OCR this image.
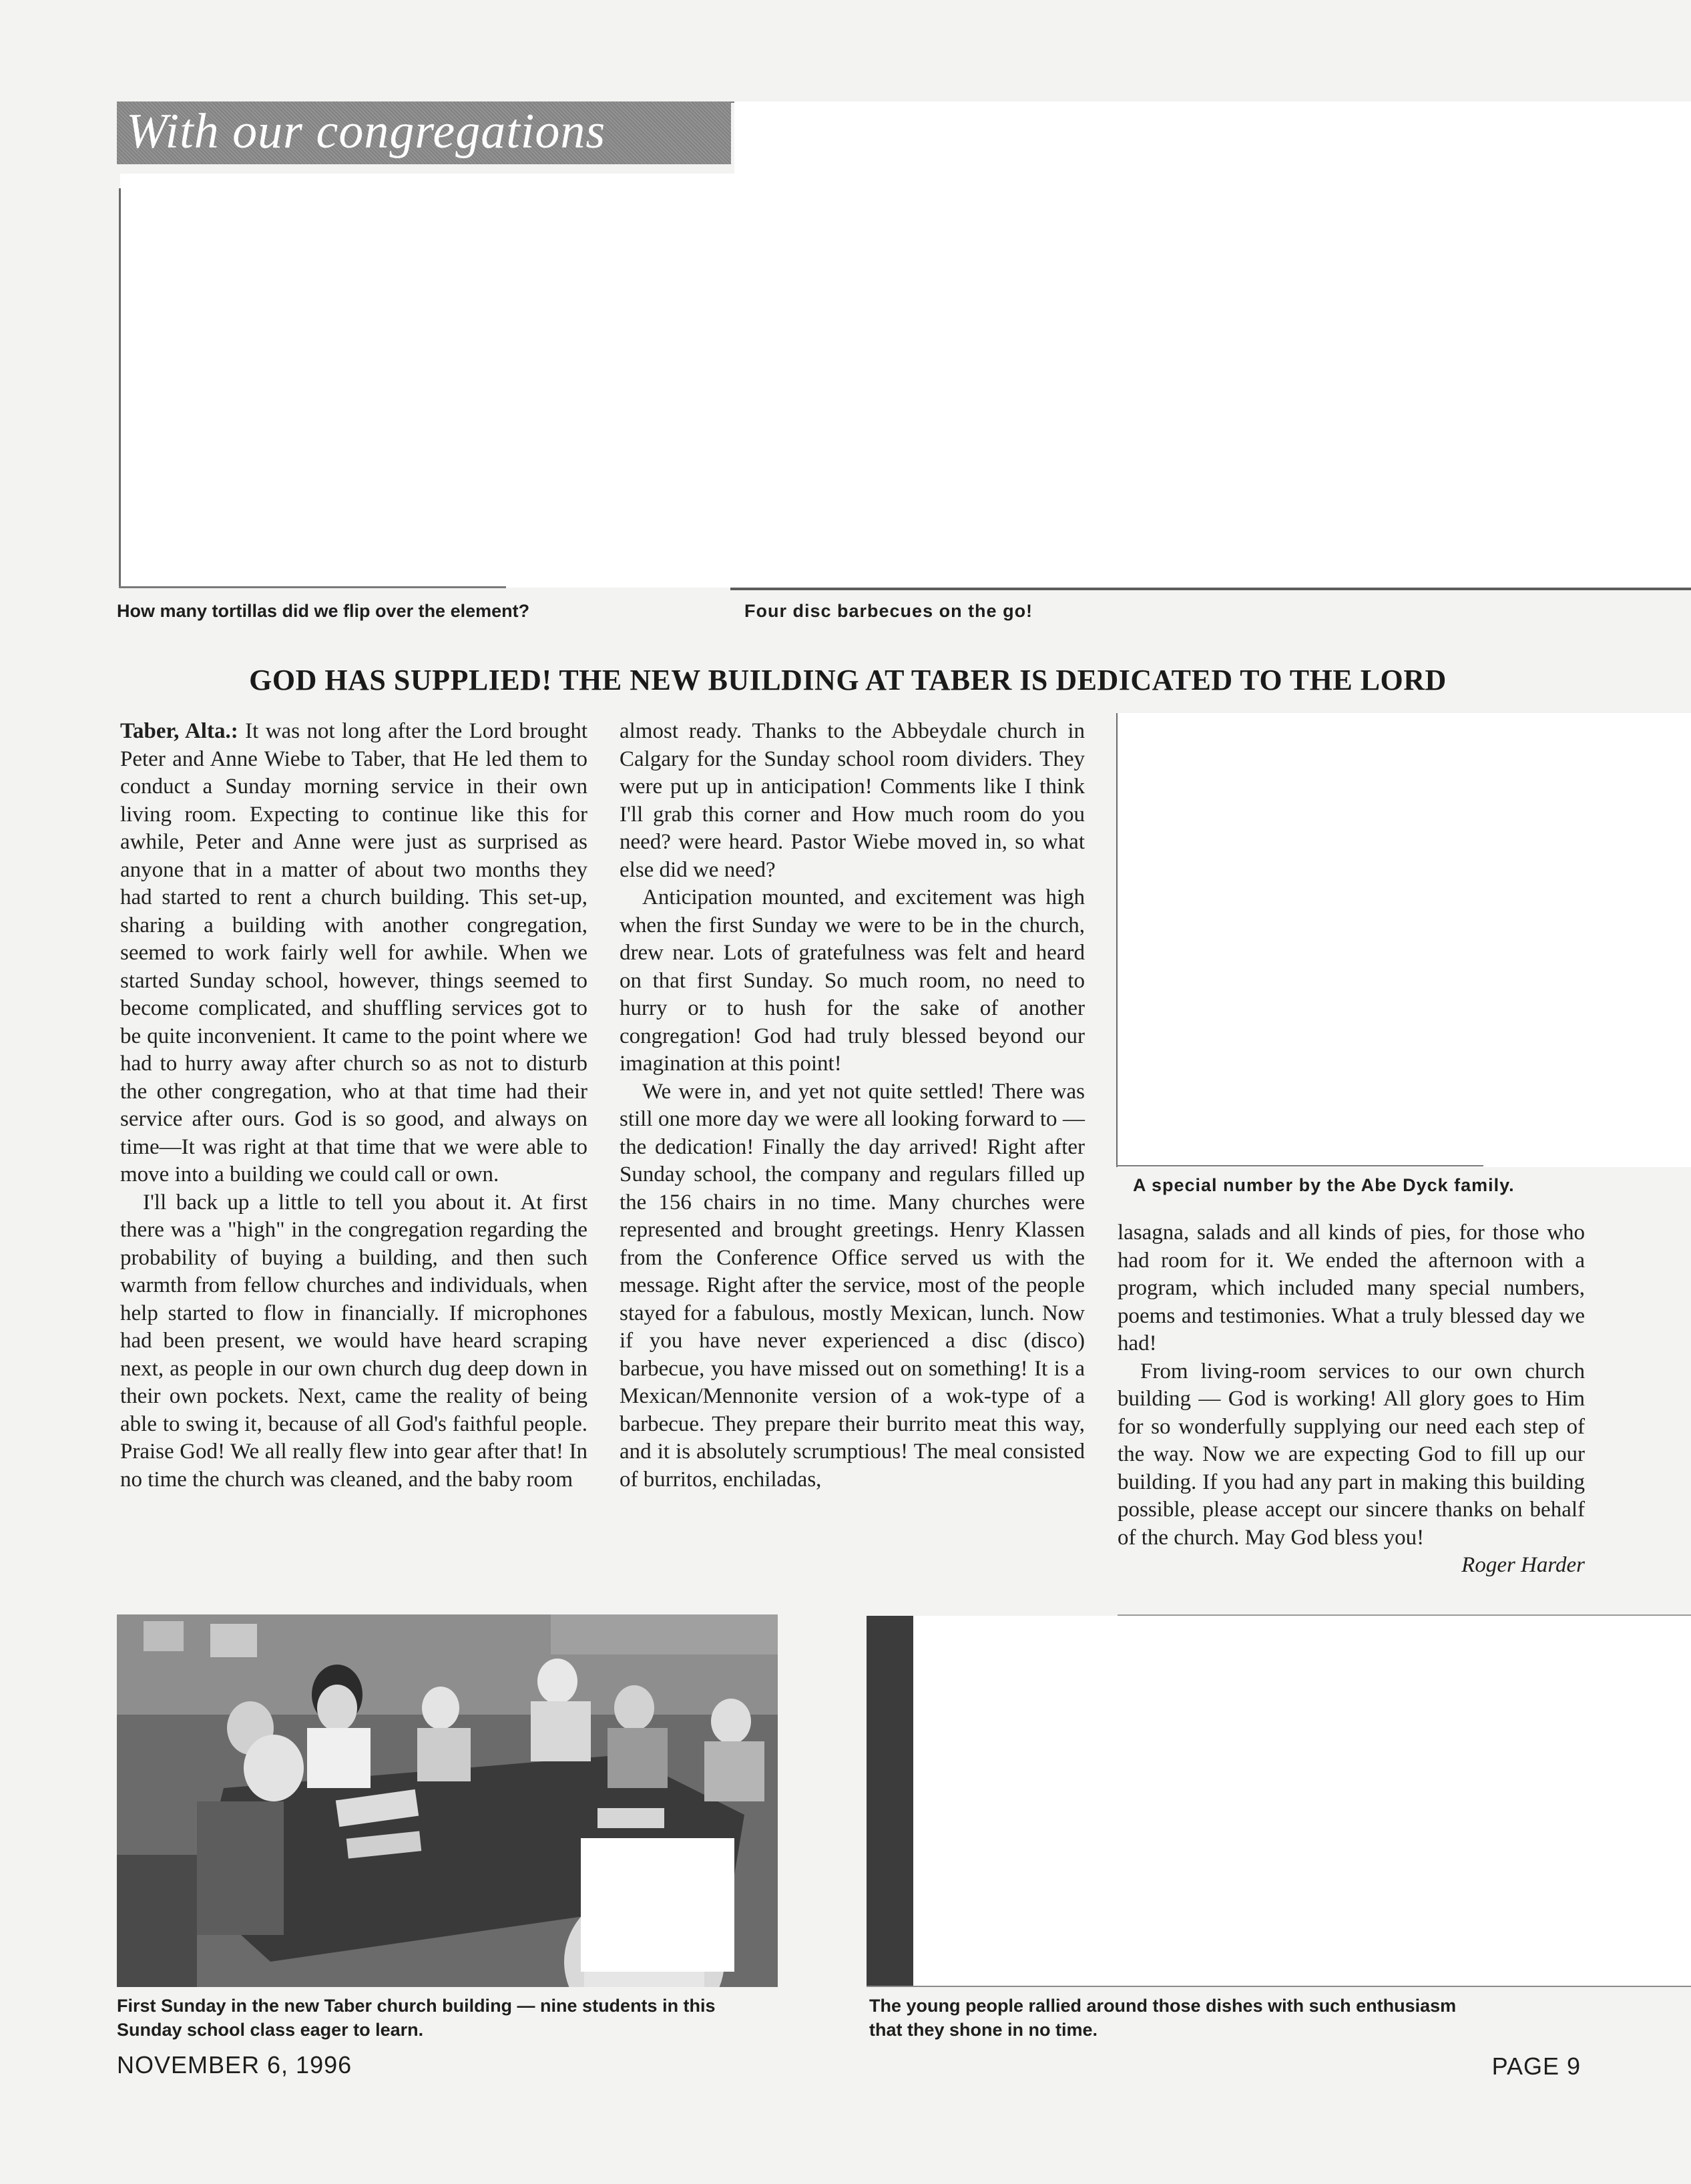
With our congregations
How many tortillas did we flip over the element?	Four disc barbecues on the go!
GOD HAS SUPPLIED! THE NEW BUILDING AT TABER IS DEDICATED TO THE LORD

Taber, Alta.: It was not long after the Lord brought Peter and Anne Wiebe to Taber, that He led them to conduct a Sunday morning service in their own living room. Expecting to continue like this for awhile, Peter and Anne were just as surprised as anyone that in a matter of about two months they had started to rent a church building. This set-up, sharing a building with another congregation, seemed to work fairly well for awhile. When we started Sunday school, however, things seemed to become complicated, and shuffling services got to be quite inconvenient. It came to the point where we had to hurry away after church so as not to disturb the other congregation, who at that time had their service after ours. God is so good, and always on time—It was right at that time that we were able to move into a building we could call or own.

I'll back up a little to tell you about it. At first there was a "high" in the congregation regarding the probability of buying a building, and then such warmth from fellow churches and individuals, when help started to flow in financially. If microphones had been present, we would have heard scraping next, as people in our own church dug deep down in their own pockets. Next, came the reality of being able to swing it, because of all God's faithful people. Praise God! We all really flew into gear after that! In no time the church was cleaned, and the baby room

almost ready. Thanks to the Abbeydale church in Calgary for the Sunday school room dividers. They were put up in anticipation! Comments like I think I'll grab this corner and How much room do you need? were heard. Pastor Wiebe moved in, so what else did we need?

Anticipation mounted, and excitement was high when the first Sunday we were to be in the church, drew near. Lots of gratefulness was felt and heard on that first Sunday. So much room, no need to hurry or to hush for the sake of another congregation! God had truly blessed beyond our imagination at this point!

We were in, and yet not quite settled! There was still one more day we were all looking forward to — the dedication! Finally the day arrived! Right after Sunday school, the company and regulars filled up the 156 chairs in no time. Many churches were represented and brought greetings. Henry Klassen from the Conference Office served us with the message. Right after the service, most of the people stayed for a fabulous, mostly Mexican, lunch. Now if you have never experienced a disc (disco) barbecue, you have missed out on something! It is a Mexican/Mennonite version of a wok-type of a barbecue. They prepare their burrito meat this way, and it is absolutely scrumptious! The meal consisted of burritos, enchiladas,

A special number by the Abe Dyck family.

lasagna, salads and all kinds of pies, for those who had room for it. We ended the afternoon with a program, which included many special numbers, poems and testimonies. What a truly blessed day we had!

From living-room services to our own church building — God is working! All glory goes to Him for so wonderfully supplying our need each step of the way. Now we are expecting God to fill up our building. If you had any part in making this building possible, please accept our sincere thanks on behalf of the church. May God bless you!

Roger Harder

First Sunday in the new Taber church building — nine students in this
Sunday school class eager to learn.
The young people rallied around those dishes with such enthusiasm
that they shone in no time.
NOVEMBER 6, 1996	PAGE 9
